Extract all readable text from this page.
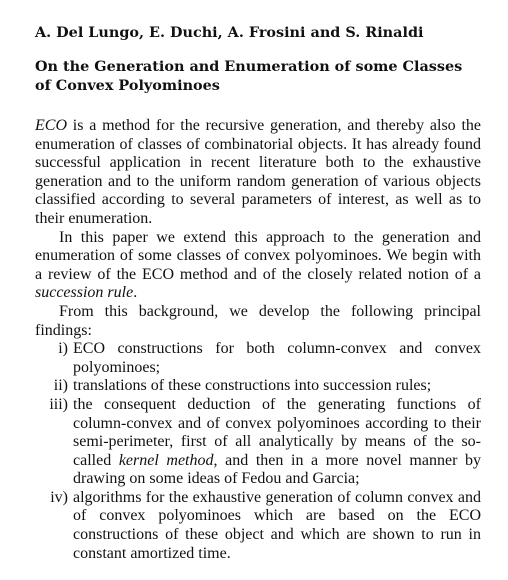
A. Del Lungo, E. Duchi, A. Frosini and S. Rinaldi
On the Generation and Enumeration of some Classes of Convex Polyominoes

ECO is a method for the recursive generation, and thereby also the enumeration of classes of combinatorial objects. It has already found successful application in recent literature both to the exhaustive generation and to the uniform random generation of various objects classified according to several parameters of interest, as well as to their enumeration.

In this paper we extend this approach to the generation and enumeration of some classes of convex polyominoes. We begin with a review of the ECO method and of the closely related notion of a succession rule.

From this background, we develop the following principal findings:

i) ECO constructions for both column-convex and convex polyominoes;
ii) translations of these constructions into succession rules;
iii) the consequent deduction of the generating functions of column-convex and of convex polyominoes according to their semi-perimeter, first of all analytically by means of the so-called kernel method, and then in a more novel manner by drawing on some ideas of Fedou and Garcia;
iv) algorithms for the exhaustive generation of column convex and of convex polyominoes which are based on the ECO constructions of these object and which are shown to run in constant amortized time.
